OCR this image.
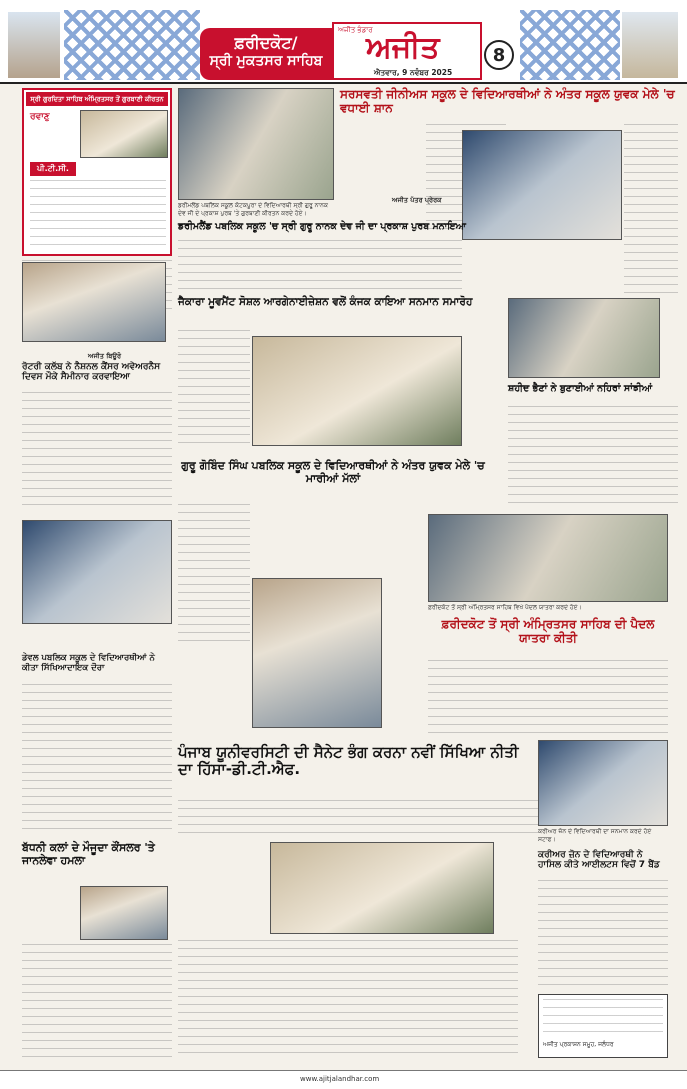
ਫ਼ਰੀਦਕੋਟ/
ਸ੍ਰੀ ਮੁਕਤਸਰ ਸਾਹਿਬ
ਅਜੀਤ ਭੰਡਾਰ
ਅਜੀਤ
ਐਤਵਾਰ, 9 ਨਵੰਬਰ 2025
8
ਸ੍ਰੀ ਗੁਰਦਿਤਾ ਸਾਹਿਬ ਅੰਮ੍ਰਿਤਸਰ ਤੋਂ ਗੁਰਬਾਣੀ ਕੀਰਤਨ
ਰਵਾਣੁ
ਪੀ.ਟੀ.ਸੀ.
ਸਰਸਵਤੀ ਜੀਨੀਅਸ ਸਕੂਲ ਦੇ ਵਿਦਿਆਰਥੀਆਂ ਨੇ ਅੰਤਰ ਸਕੂਲ ਯੁਵਕ ਮੇਲੇ 'ਚ ਵਧਾਈ ਸ਼ਾਨ
ਡਰੀਮਲੈਂਡ ਪਬਲਿਕ ਸਕੂਲ ਕੋਟਕਪੂਰਾ ਦੇ ਵਿਦਿਆਰਥੀ ਸ੍ਰੀ ਗੁਰੂ ਨਾਨਕ ਦੇਵ ਜੀ ਦੇ ਪ੍ਰਕਾਸ਼ ਪੁਰਬ 'ਤੇ ਗੁਰਬਾਣੀ ਕੀਰਤਨ ਕਰਦੇ ਹੋਏ।
ਡਰੀਮਲੈਂਡ ਪਬਲਿਕ ਸਕੂਲ 'ਚ ਸ੍ਰੀ ਗੁਰੂ ਨਾਨਕ ਦੇਵ ਜੀ ਦਾ ਪ੍ਰਕਾਸ਼ ਪੁਰਬ ਮਨਾਇਆ
ਜੈਕਾਰਾ ਮੂਵਮੈਂਟ ਸੋਸ਼ਲ ਆਰਗੇਨਾਈਜ਼ੇਸ਼ਨ ਵਲੋਂ ਕੰਜਕ ਕਾਇਆ ਸਨਮਾਨ ਸਮਾਰੋਹ
ਰੋਟਰੀ ਕਲੱਬ ਨੇ ਨੈਸ਼ਨਲ ਕੈਂਸਰ ਅਵੇਅਰਨੈਸ ਦਿਵਸ ਮੌਕੇ ਸੈਮੀਨਾਰ ਕਰਵਾਇਆ
ਸ਼ਹੀਦ ਭੈਣਾਂ ਨੇ ਬੁਣਾਈਆਂ ਨਹਿਰਾਂ ਸਾਂਝੀਆਂ
ਗੁਰੂ ਗੋਬਿੰਦ ਸਿੰਘ ਪਬਲਿਕ ਸਕੂਲ ਦੇ ਵਿਦਿਆਰਥੀਆਂ ਨੇ ਅੰਤਰ ਯੁਵਕ ਮੇਲੇ 'ਚ ਮਾਰੀਆਂ ਮੱਲਾਂ
ਡੇਵਲ ਪਬਲਿਕ ਸਕੂਲ ਦੇ ਵਿਦਿਆਰਥੀਆਂ ਨੇ ਕੀਤਾ ਸਿੱਖਿਆਦਾਇਕ ਦੌਰਾ
ਫ਼ਰੀਦਕੋਟ ਤੋਂ ਸ੍ਰੀ ਅੰਮ੍ਰਿਤਸਰ ਸਾਹਿਬ ਵਿਖੇ ਪੈਦਲ ਯਾਤਰਾ ਕਰਦੇ ਹੋਏ।
ਫ਼ਰੀਦਕੋਟ ਤੋਂ ਸ੍ਰੀ ਅੰਮ੍ਰਿਤਸਰ ਸਾਹਿਬ ਦੀ ਪੈਦਲ ਯਾਤਰਾ ਕੀਤੀ
ਪੰਜਾਬ ਯੂਨੀਵਰਸਿਟੀ ਦੀ ਸੈਨੇਟ ਭੰਗ ਕਰਨਾ ਨਵੀਂ ਸਿੱਖਿਆ ਨੀਤੀ ਦਾ ਹਿੱਸਾ-ਡੀ.ਟੀ.ਐਫ.
ਬੱਧਨੀ ਕਲਾਂ ਦੇ ਮੌਜੂਦਾ ਕੌਂਸਲਰ 'ਤੇ ਜਾਨਲੇਵਾ ਹਮਲਾ
ਕਰੀਅਰ ਜ਼ੋਨ ਦੇ ਵਿਦਿਆਰਥੀ ਦਾ ਸਨਮਾਨ ਕਰਦੇ ਹੋਏ ਸਟਾਫ।
ਕਰੀਅਰ ਜ਼ੋਨ ਦੇ ਵਿਦਿਆਰਥੀ ਨੇ ਹਾਸਿਲ ਕੀਤੇ ਆਈਲਟਸ ਵਿਚੋਂ 7 ਬੈਂਡ
ਅਜੀਤ ਪ੍ਰਕਾਸ਼ਨ ਸਮੂਹ, ਜਲੰਧਰ
ਅਜੀਤ ਬਿਊਰੋ
ਅਜੀਤ ਪੱਤਰ ਪ੍ਰੇਰਕ
www.ajitjalandhar.com
